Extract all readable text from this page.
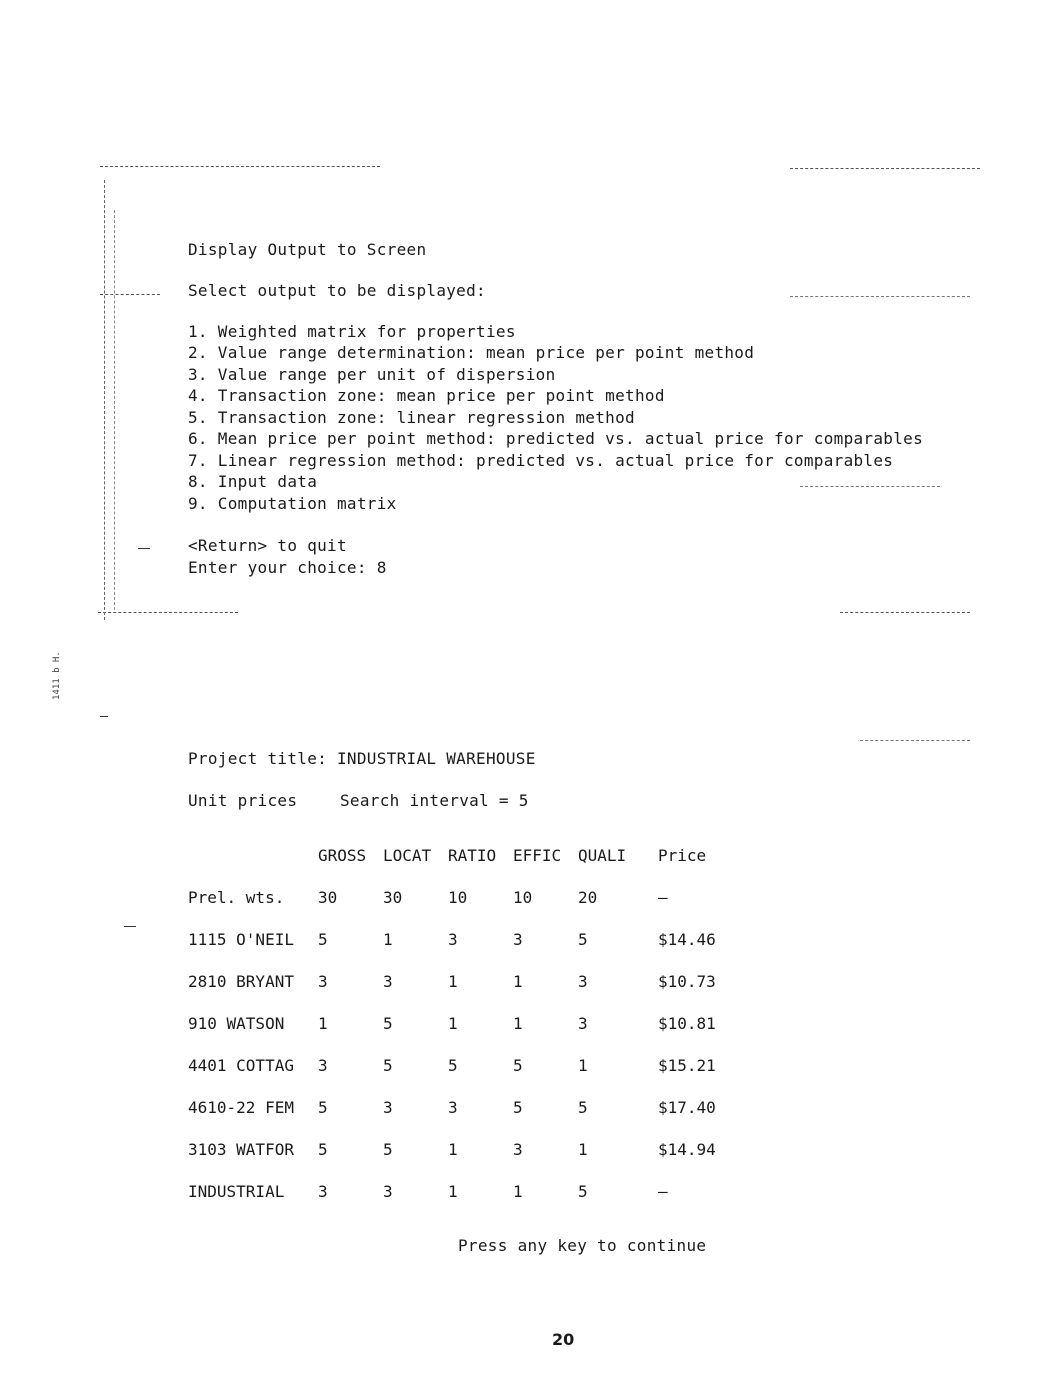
1411 b H.
Display Output to Screen
Select output to be displayed:
1. Weighted matrix for properties
2. Value range determination: mean price per point method
3. Value range per unit of dispersion
4. Transaction zone: mean price per point method
5. Transaction zone: linear regression method
6. Mean price per point method: predicted vs. actual price for comparables
7. Linear regression method: predicted vs. actual price for comparables
8. Input data
9. Computation matrix
<Return> to quit
Enter your choice: 8
Project title: INDUSTRIAL WAREHOUSE
Unit prices	Search interval = 5
	GROSS	LOCAT	RATIO	EFFIC	QUALI	Price
Prel. wts.	30	30	10	10	20	–
1115 O'NEIL	5	1	3	3	5	$14.46
2810 BRYANT	3	3	1	1	3	$10.73
910 WATSON	1	5	1	1	3	$10.81
4401 COTTAG	3	5	5	5	1	$15.21
4610-22 FEM	5	3	3	5	5	$17.40
3103 WATFOR	5	5	1	3	1	$14.94
INDUSTRIAL	3	3	1	1	5	–
Press any key to continue
20
